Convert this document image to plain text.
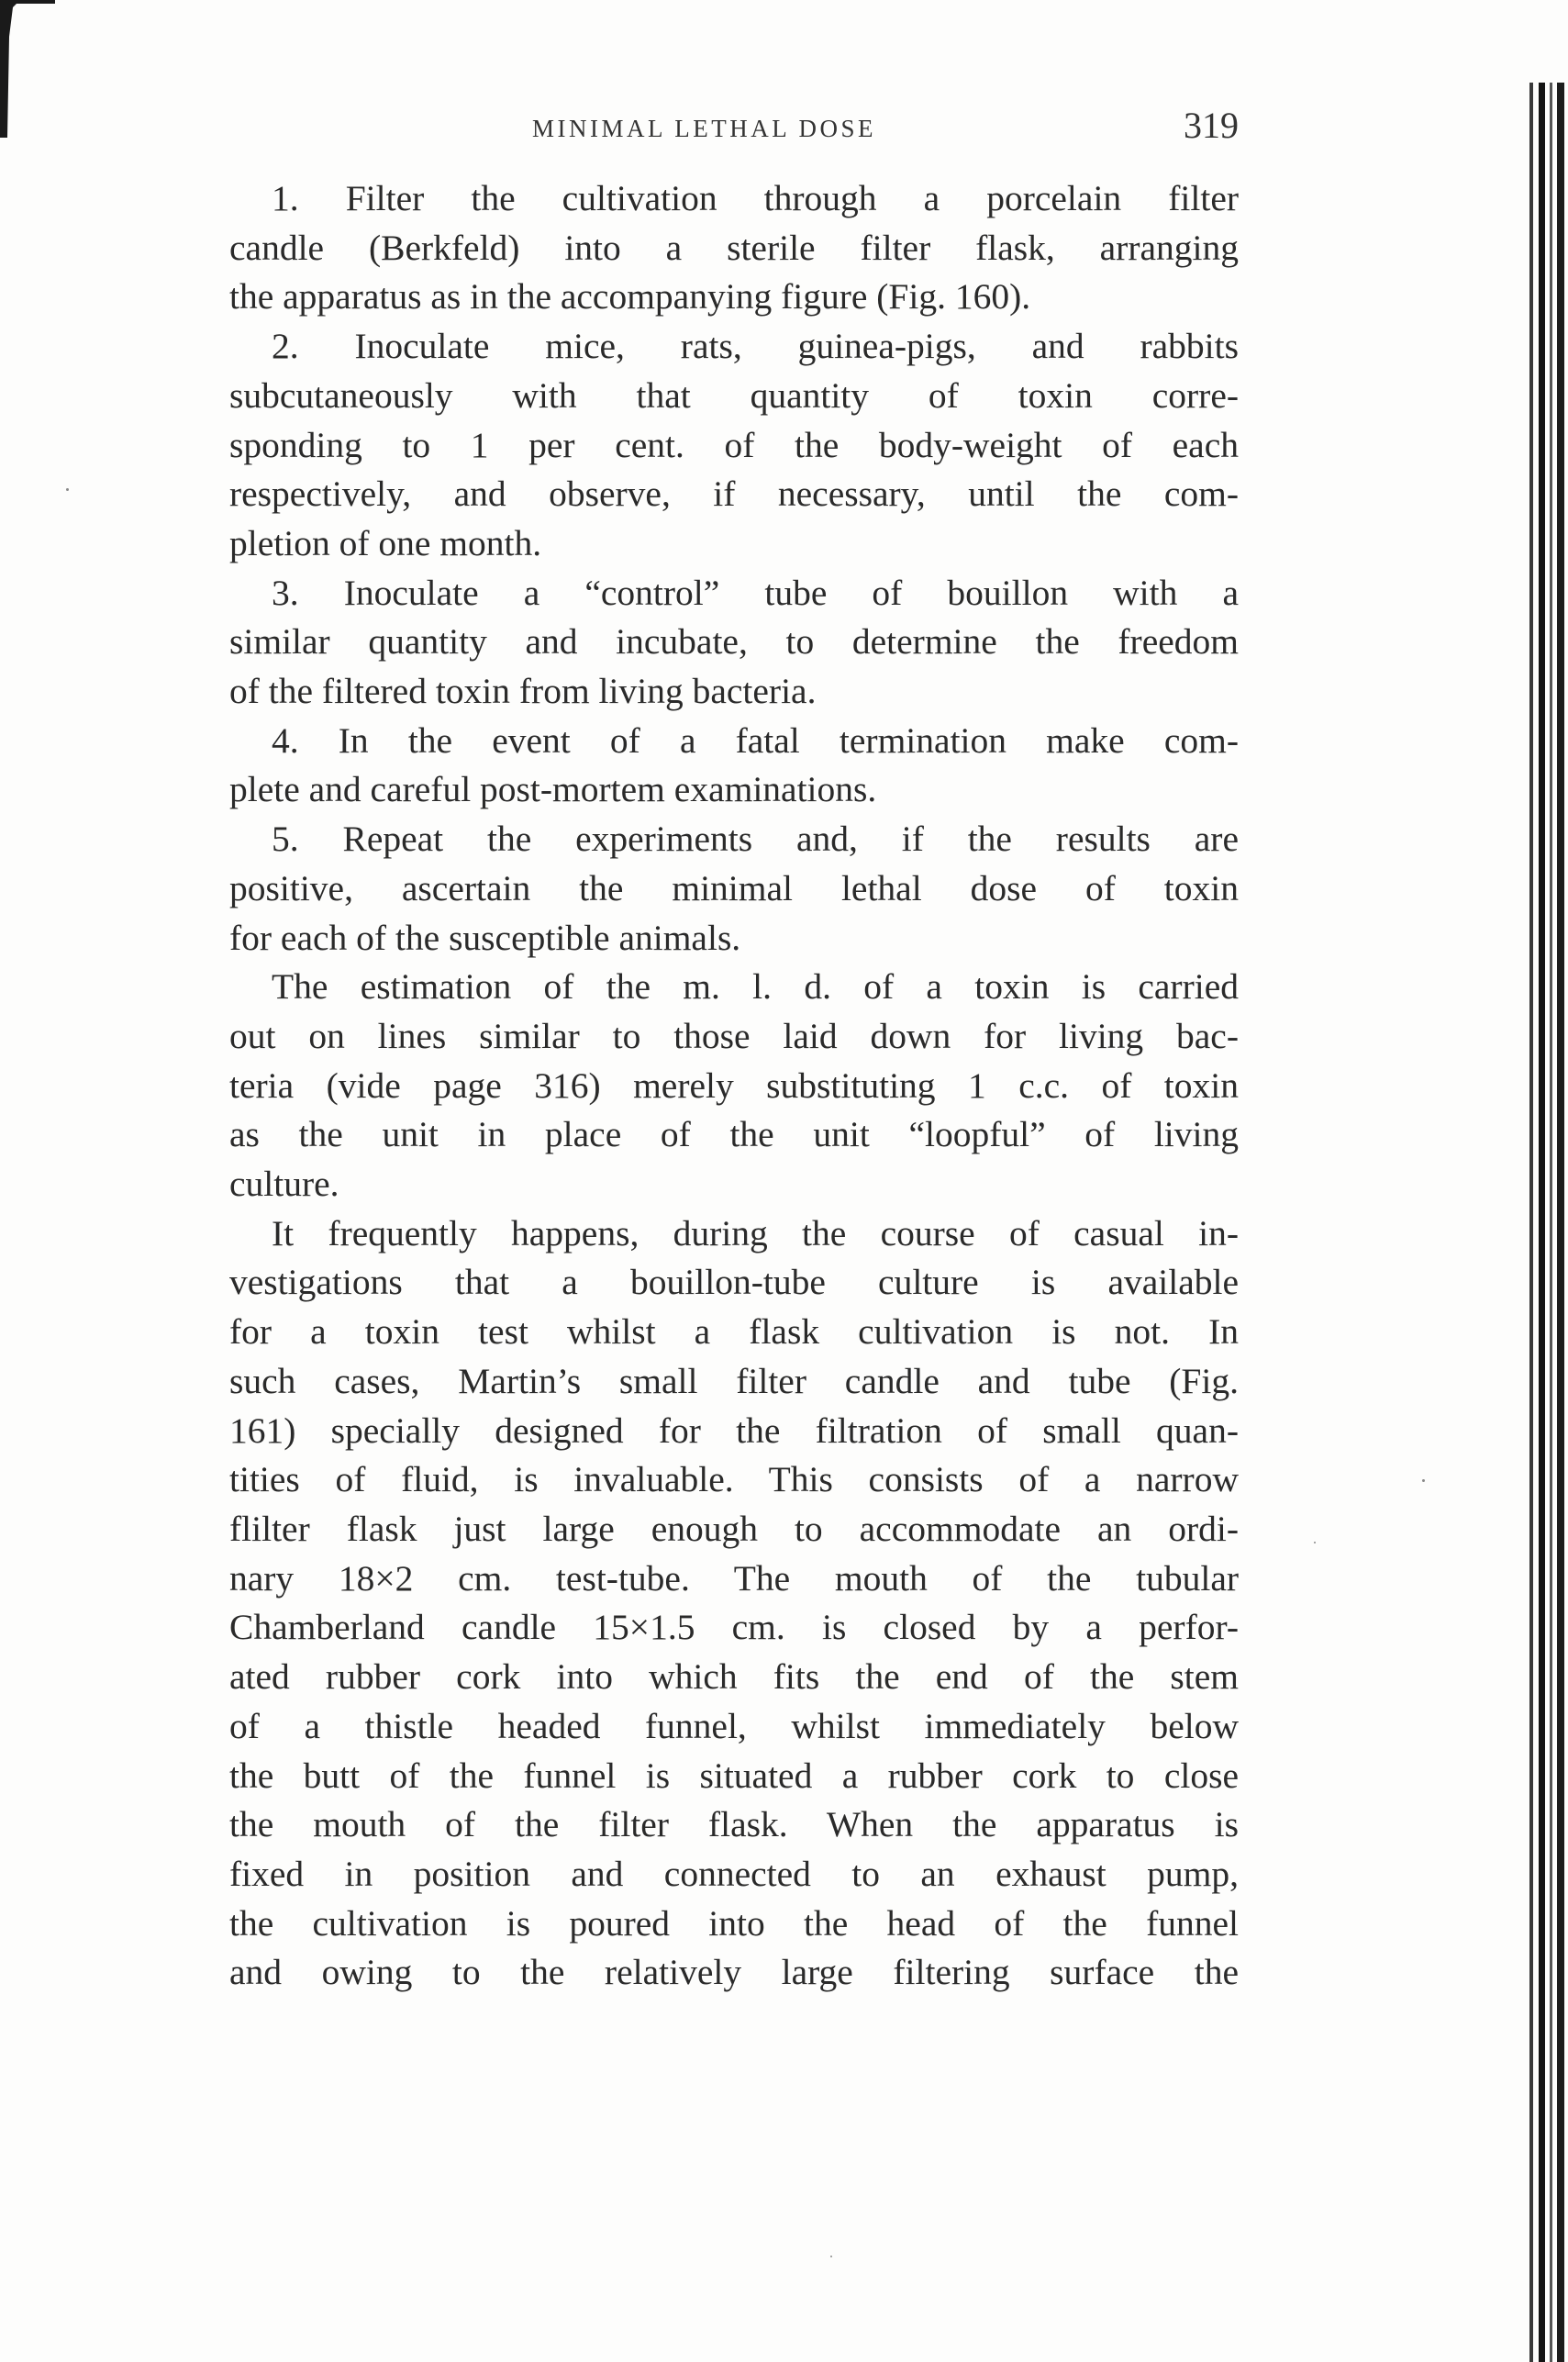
MINIMAL LETHAL DOSE	319

1. Filter the cultivation through a porcelain filter
candle (Berkfeld) into a sterile filter flask, arranging
the apparatus as in the accompanying figure (Fig. 160).

2. Inoculate mice, rats, guinea-pigs, and rabbits
subcutaneously with that quantity of toxin corre-
sponding to 1 per cent. of the body-weight of each
respectively, and observe, if necessary, until the com-
pletion of one month.

3. Inoculate a “control” tube of bouillon with a
similar quantity and incubate, to determine the freedom
of the filtered toxin from living bacteria.

4. In the event of a fatal termination make com-
plete and careful post-mortem examinations.

5. Repeat the experiments and, if the results are
positive, ascertain the minimal lethal dose of toxin
for each of the susceptible animals.

The estimation of the m. l. d. of a toxin is carried
out on lines similar to those laid down for living bac-
teria (vide page 316) merely substituting 1 c.c. of toxin
as the unit in place of the unit “loopful” of living
culture.

It frequently happens, during the course of casual in-
vestigations that a bouillon-tube culture is available
for a toxin test whilst a flask cultivation is not. In
such cases, Martin’s small filter candle and tube (Fig.
161) specially designed for the filtration of small quan-
tities of fluid, is invaluable. This consists of a narrow
flilter flask just large enough to accommodate an ordi-
nary 18×2 cm. test-tube. The mouth of the tubular
Chamberland candle 15×1.5 cm. is closed by a perfor-
ated rubber cork into which fits the end of the stem
of a thistle headed funnel, whilst immediately below
the butt of the funnel is situated a rubber cork to close
the mouth of the filter flask. When the apparatus is
fixed in position and connected to an exhaust pump,
the cultivation is poured into the head of the funnel
and owing to the relatively large filtering surface the
